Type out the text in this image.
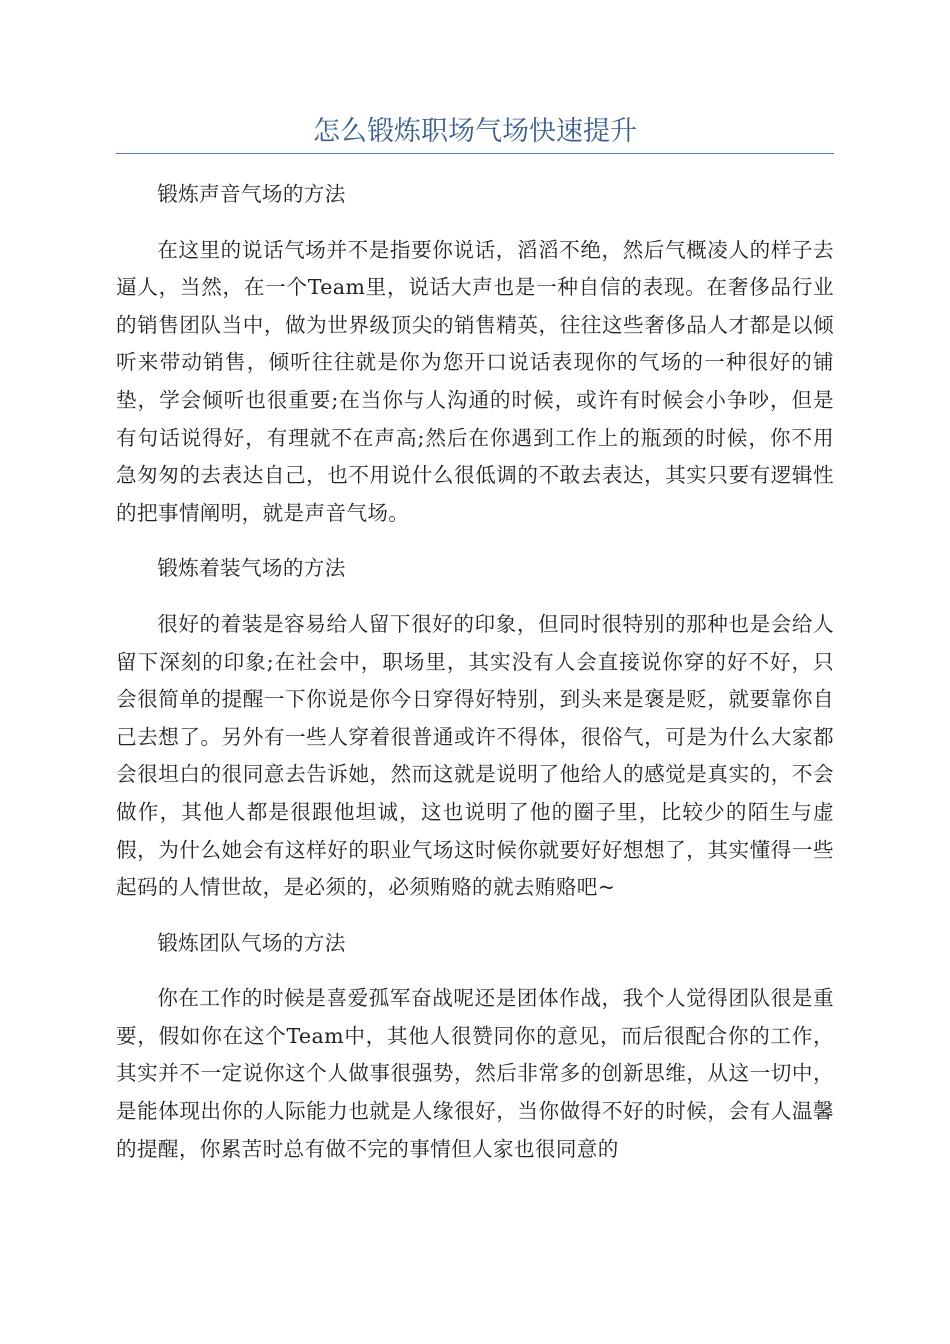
怎么锻炼职场气场快速提升

锻炼声音气场的方法

在这里的说话气场并不是指要你说话，滔滔不绝，然后气概凌人的样子去逼人，当然，在一个Team里，说话大声也是一种自信的表现。在奢侈品行业的销售团队当中，做为世界级顶尖的销售精英，往往这些奢侈品人才都是以倾听来带动销售，倾听往往就是你为您开口说话表现你的气场的一种很好的铺垫，学会倾听也很重要;在当你与人沟通的时候，或许有时候会小争吵，但是有句话说得好，有理就不在声高;然后在你遇到工作上的瓶颈的时候，你不用急匆匆的去表达自己，也不用说什么很低调的不敢去表达，其实只要有逻辑性的把事情阐明，就是声音气场。

锻炼着装气场的方法

很好的着装是容易给人留下很好的印象，但同时很特别的那种也是会给人留下深刻的印象;在社会中，职场里，其实没有人会直接说你穿的好不好，只会很简单的提醒一下你说是你今日穿得好特别，到头来是褒是贬，就要靠你自己去想了。另外有一些人穿着很普通或许不得体，很俗气，可是为什么大家都会很坦白的很同意去告诉她，然而这就是说明了他给人的感觉是真实的，不会做作，其他人都是很跟他坦诚，这也说明了他的圈子里，比较少的陌生与虚假，为什么她会有这样好的职业气场这时候你就要好好想想了，其实懂得一些起码的人情世故，是必须的，必须贿赂的就去贿赂吧~

锻炼团队气场的方法

你在工作的时候是喜爱孤军奋战呢还是团体作战，我个人觉得团队很是重要，假如你在这个Team中，其他人很赞同你的意见，而后很配合你的工作，其实并不一定说你这个人做事很强势，然后非常多的创新思维，从这一切中，是能体现出你的人际能力也就是人缘很好，当你做得不好的时候，会有人温馨的提醒，你累苦时总有做不完的事情但人家也很同意的
